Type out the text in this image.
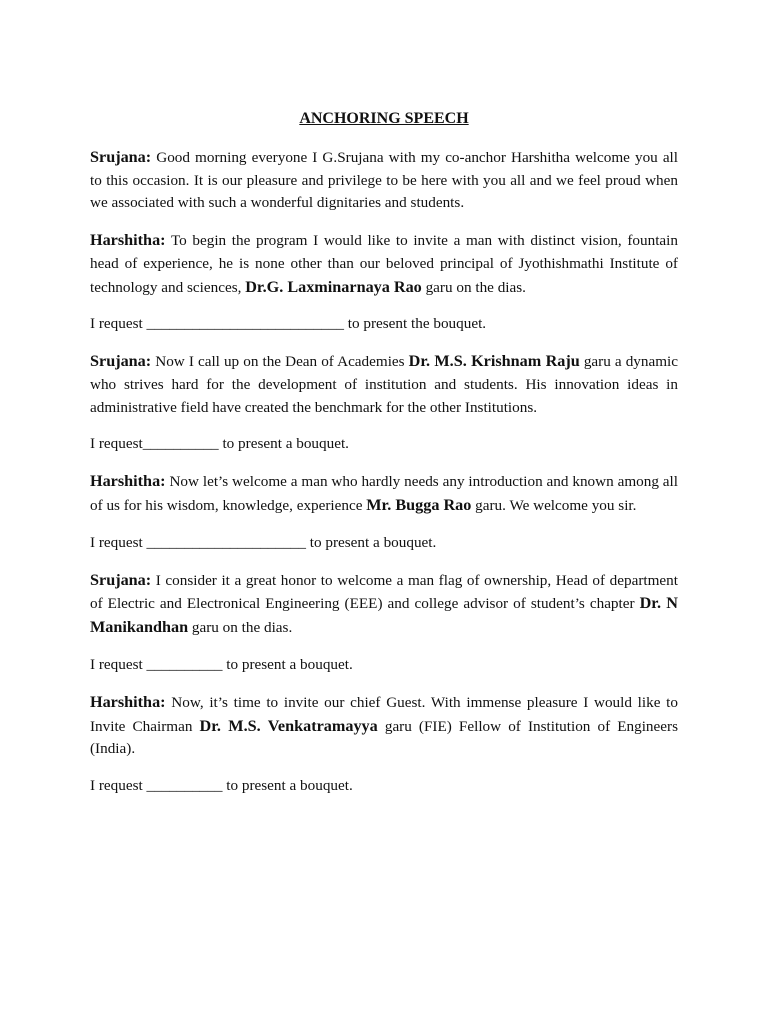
ANCHORING SPEECH

Srujana: Good morning everyone I G.Srujana with my co-anchor Harshitha welcome you all to this occasion. It is our pleasure and privilege to be here with you all and we feel proud when we associated with such a wonderful dignitaries and students.

Harshitha: To begin the program I would like to invite a man with distinct vision, fountain head of experience, he is none other than our beloved principal of Jyothishmathi Institute of technology and sciences, Dr.G. Laxminarnaya Rao garu on the dias.

I request __________________________ to present the bouquet.

Srujana: Now I call up on the Dean of Academies Dr. M.S. Krishnam Raju garu a dynamic who strives hard for the development of institution and students. His innovation ideas in administrative field have created the benchmark for the other Institutions.

I request__________ to present a bouquet.

Harshitha: Now let’s welcome a man who hardly needs any introduction and known among all of us for his wisdom, knowledge, experience Mr. Bugga Rao garu. We welcome you sir.

I request _____________________ to present a bouquet.

Srujana: I consider it a great honor to welcome a man flag of ownership, Head of department of Electric and Electronical Engineering (EEE) and college advisor of student’s chapter Dr. N Manikandhan garu on the dias.

I request __________ to present a bouquet.

Harshitha: Now, it’s time to invite our chief Guest. With immense pleasure I would like to Invite Chairman Dr. M.S. Venkatramayya garu (FIE) Fellow of Institution of Engineers (India).

I request __________ to present a bouquet.
